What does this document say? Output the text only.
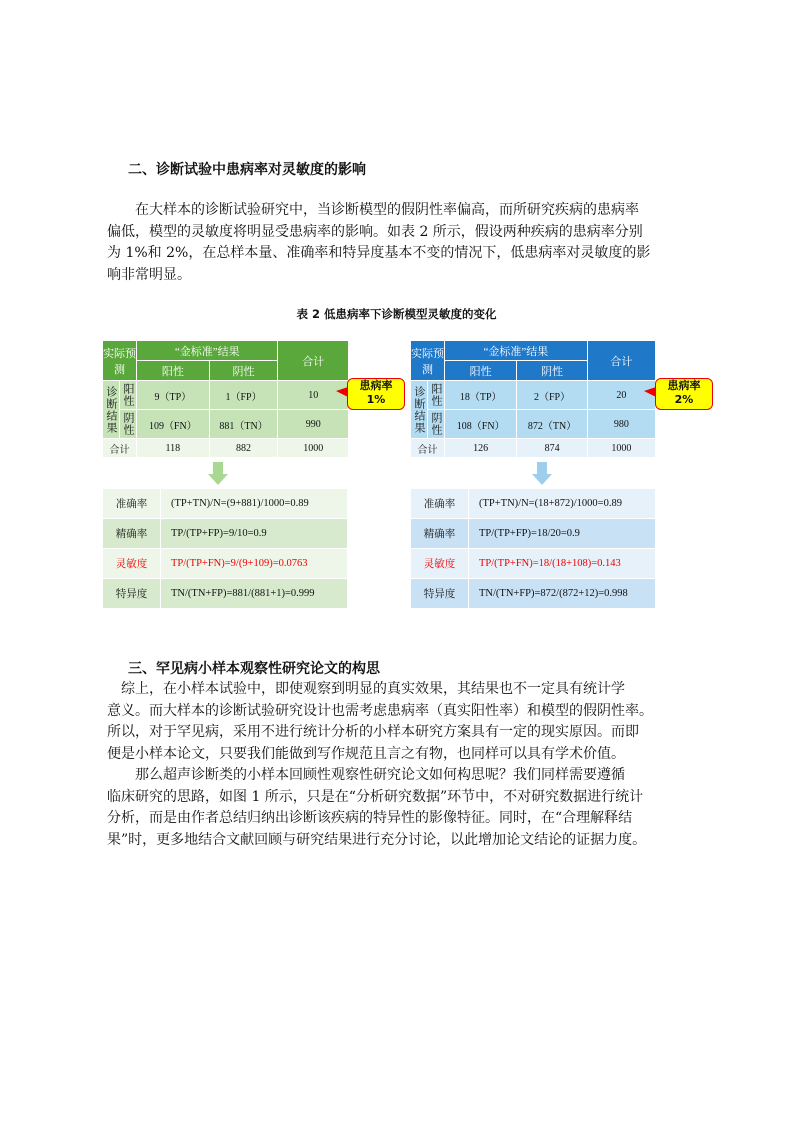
二、诊断试验中患病率对灵敏度的影响
在大样本的诊断试验研究中，当诊断模型的假阴性率偏高，而所研究疾病的患病率
偏低，模型的灵敏度将明显受患病率的影响。如表 2 所示，假设两种疾病的患病率分别
为 1%和 2%，在总样本量、准确率和特异度基本不变的情况下，低患病率对灵敏度的影
响非常明显。
表 2 低患病率下诊断模型灵敏度的变化
实际预测		“金标准”结果		合计
		阳性	阴性	
诊断结果	阳性	9（TP）	1（FP）	10
	阴性	109（FN）	881（TN）	990
合计		118	882	1000
患病率
1%
准确率	(TP+TN)/N=(9+881)/1000=0.89
精确率	TP/(TP+FP)=9/10=0.9
灵敏度	TP/(TP+FN)=9/(9+109)=0.0763
特异度	TN/(TN+FP)=881/(881+1)=0.999
实际预测		“金标准”结果		合计
		阳性	阴性	
诊断结果	阳性	18（TP）	2（FP）	20
	阴性	108（FN）	872（TN）	980
合计		126	874	1000
患病率
2%
准确率	(TP+TN)/N=(18+872)/1000=0.89
精确率	TP/(TP+FP)=18/20=0.9
灵敏度	TP/(TP+FN)=18/(18+108)=0.143
特异度	TN/(TN+FP)=872/(872+12)=0.998
三、罕见病小样本观察性研究论文的构思
　综上，在小样本试验中，即使观察到明显的真实效果，其结果也不一定具有统计学
意义。而大样本的诊断试验研究设计也需考虑患病率（真实阳性率）和模型的假阴性率。
所以，对于罕见病，采用不进行统计分析的小样本研究方案具有一定的现实原因。而即
便是小样本论文，只要我们能做到写作规范且言之有物，也同样可以具有学术价值。
　　那么超声诊断类的小样本回顾性观察性研究论文如何构思呢？我们同样需要遵循
临床研究的思路，如图 1 所示，只是在“分析研究数据”环节中，不对研究数据进行统计
分析，而是由作者总结归纳出诊断该疾病的特异性的影像特征。同时，在“合理解释结
果”时，更多地结合文献回顾与研究结果进行充分讨论，以此增加论文结论的证据力度。
